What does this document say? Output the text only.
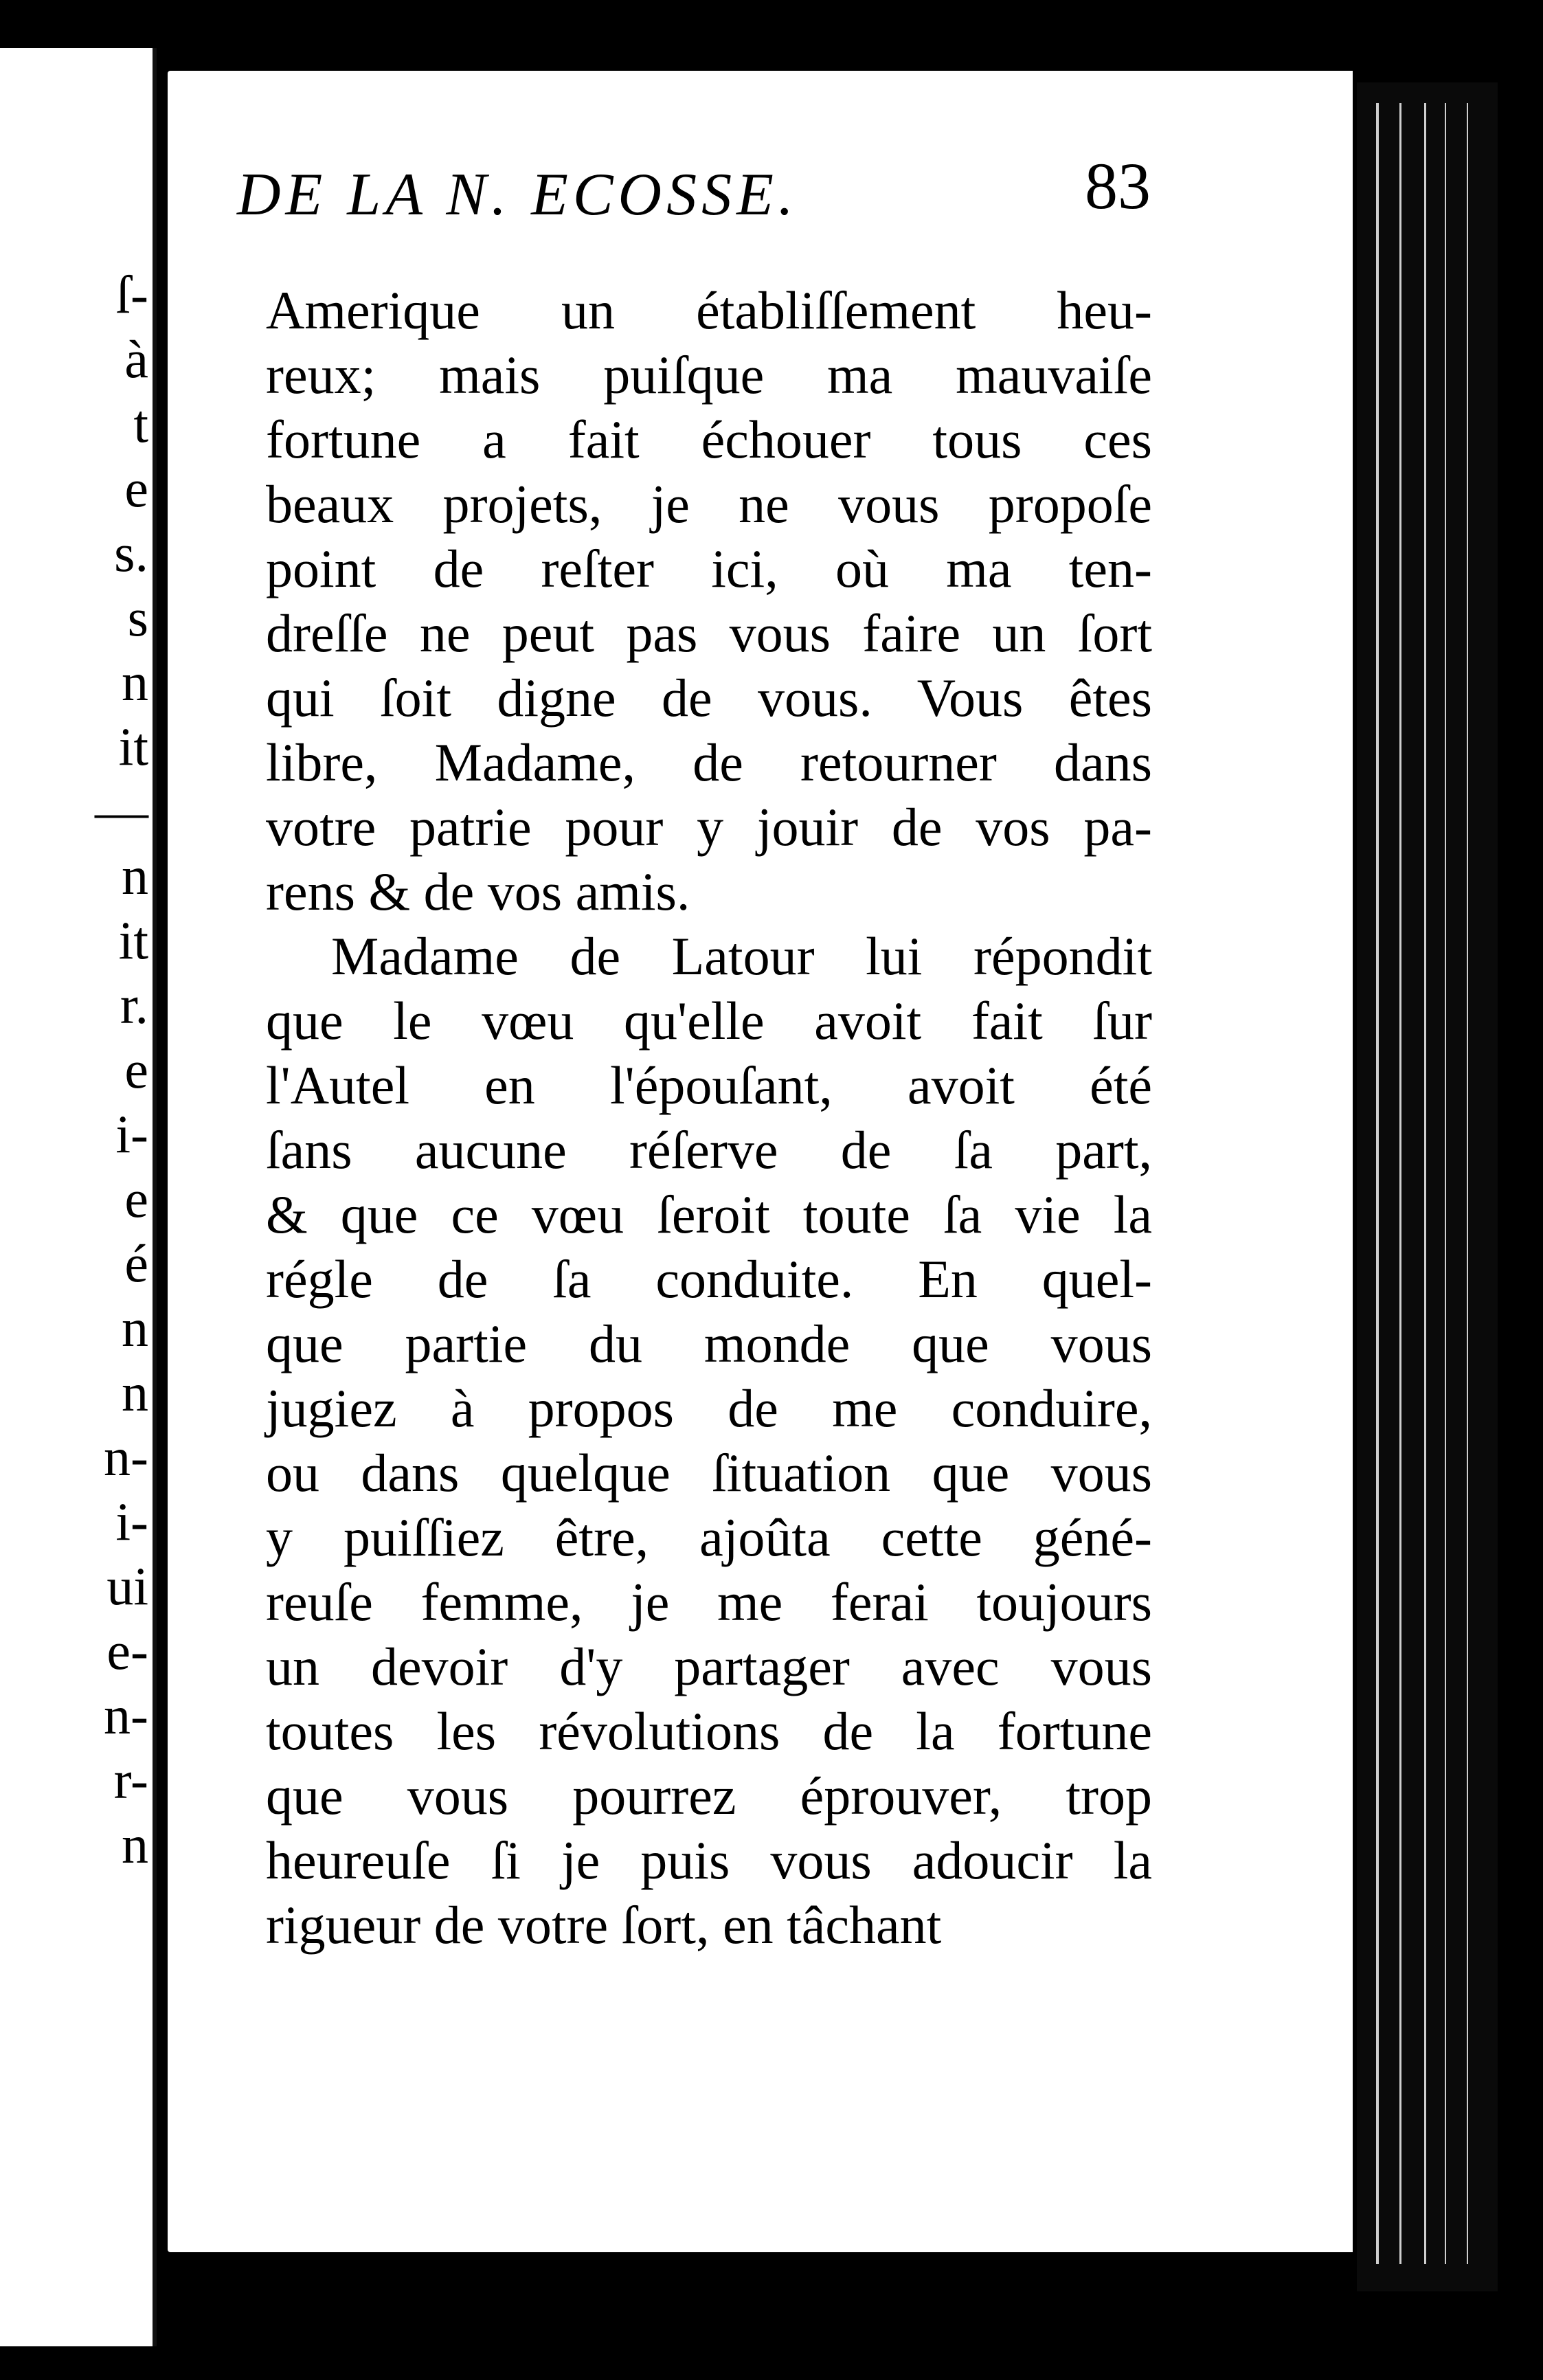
ſ-
à
t
e
s.
s
n
it
—
n
it
r.
e
i-
e
é
n
n
n-
i-
ui
e-
n-
r-
n
DE LA N. ECOSSE.	83
Amerique un établiſſement heu-
reux; mais puiſque ma mauvaiſe
fortune a fait échouer tous ces
beaux projets, je ne vous propoſe
point de reſter ici, où ma ten-
dreſſe ne peut pas vous faire un ſort
qui ſoit digne de vous. Vous êtes
libre, Madame, de retourner dans
votre patrie pour y jouir de vos pa-
rens & de vos amis.
Madame de Latour lui répondit
que le vœu qu'elle avoit fait ſur
l'Autel en l'épouſant, avoit été
ſans aucune réſerve de ſa part,
& que ce vœu ſeroit toute ſa vie la
régle de ſa conduite. En quel-
que partie du monde que vous
jugiez à propos de me conduire,
ou dans quelque ſituation que vous
y puiſſiez être, ajoûta cette géné-
reuſe femme, je me ferai toujours
un devoir d'y partager avec vous
toutes les révolutions de la fortune
que vous pourrez éprouver, trop
heureuſe ſi je puis vous adoucir la
rigueur de votre ſort, en tâchant
